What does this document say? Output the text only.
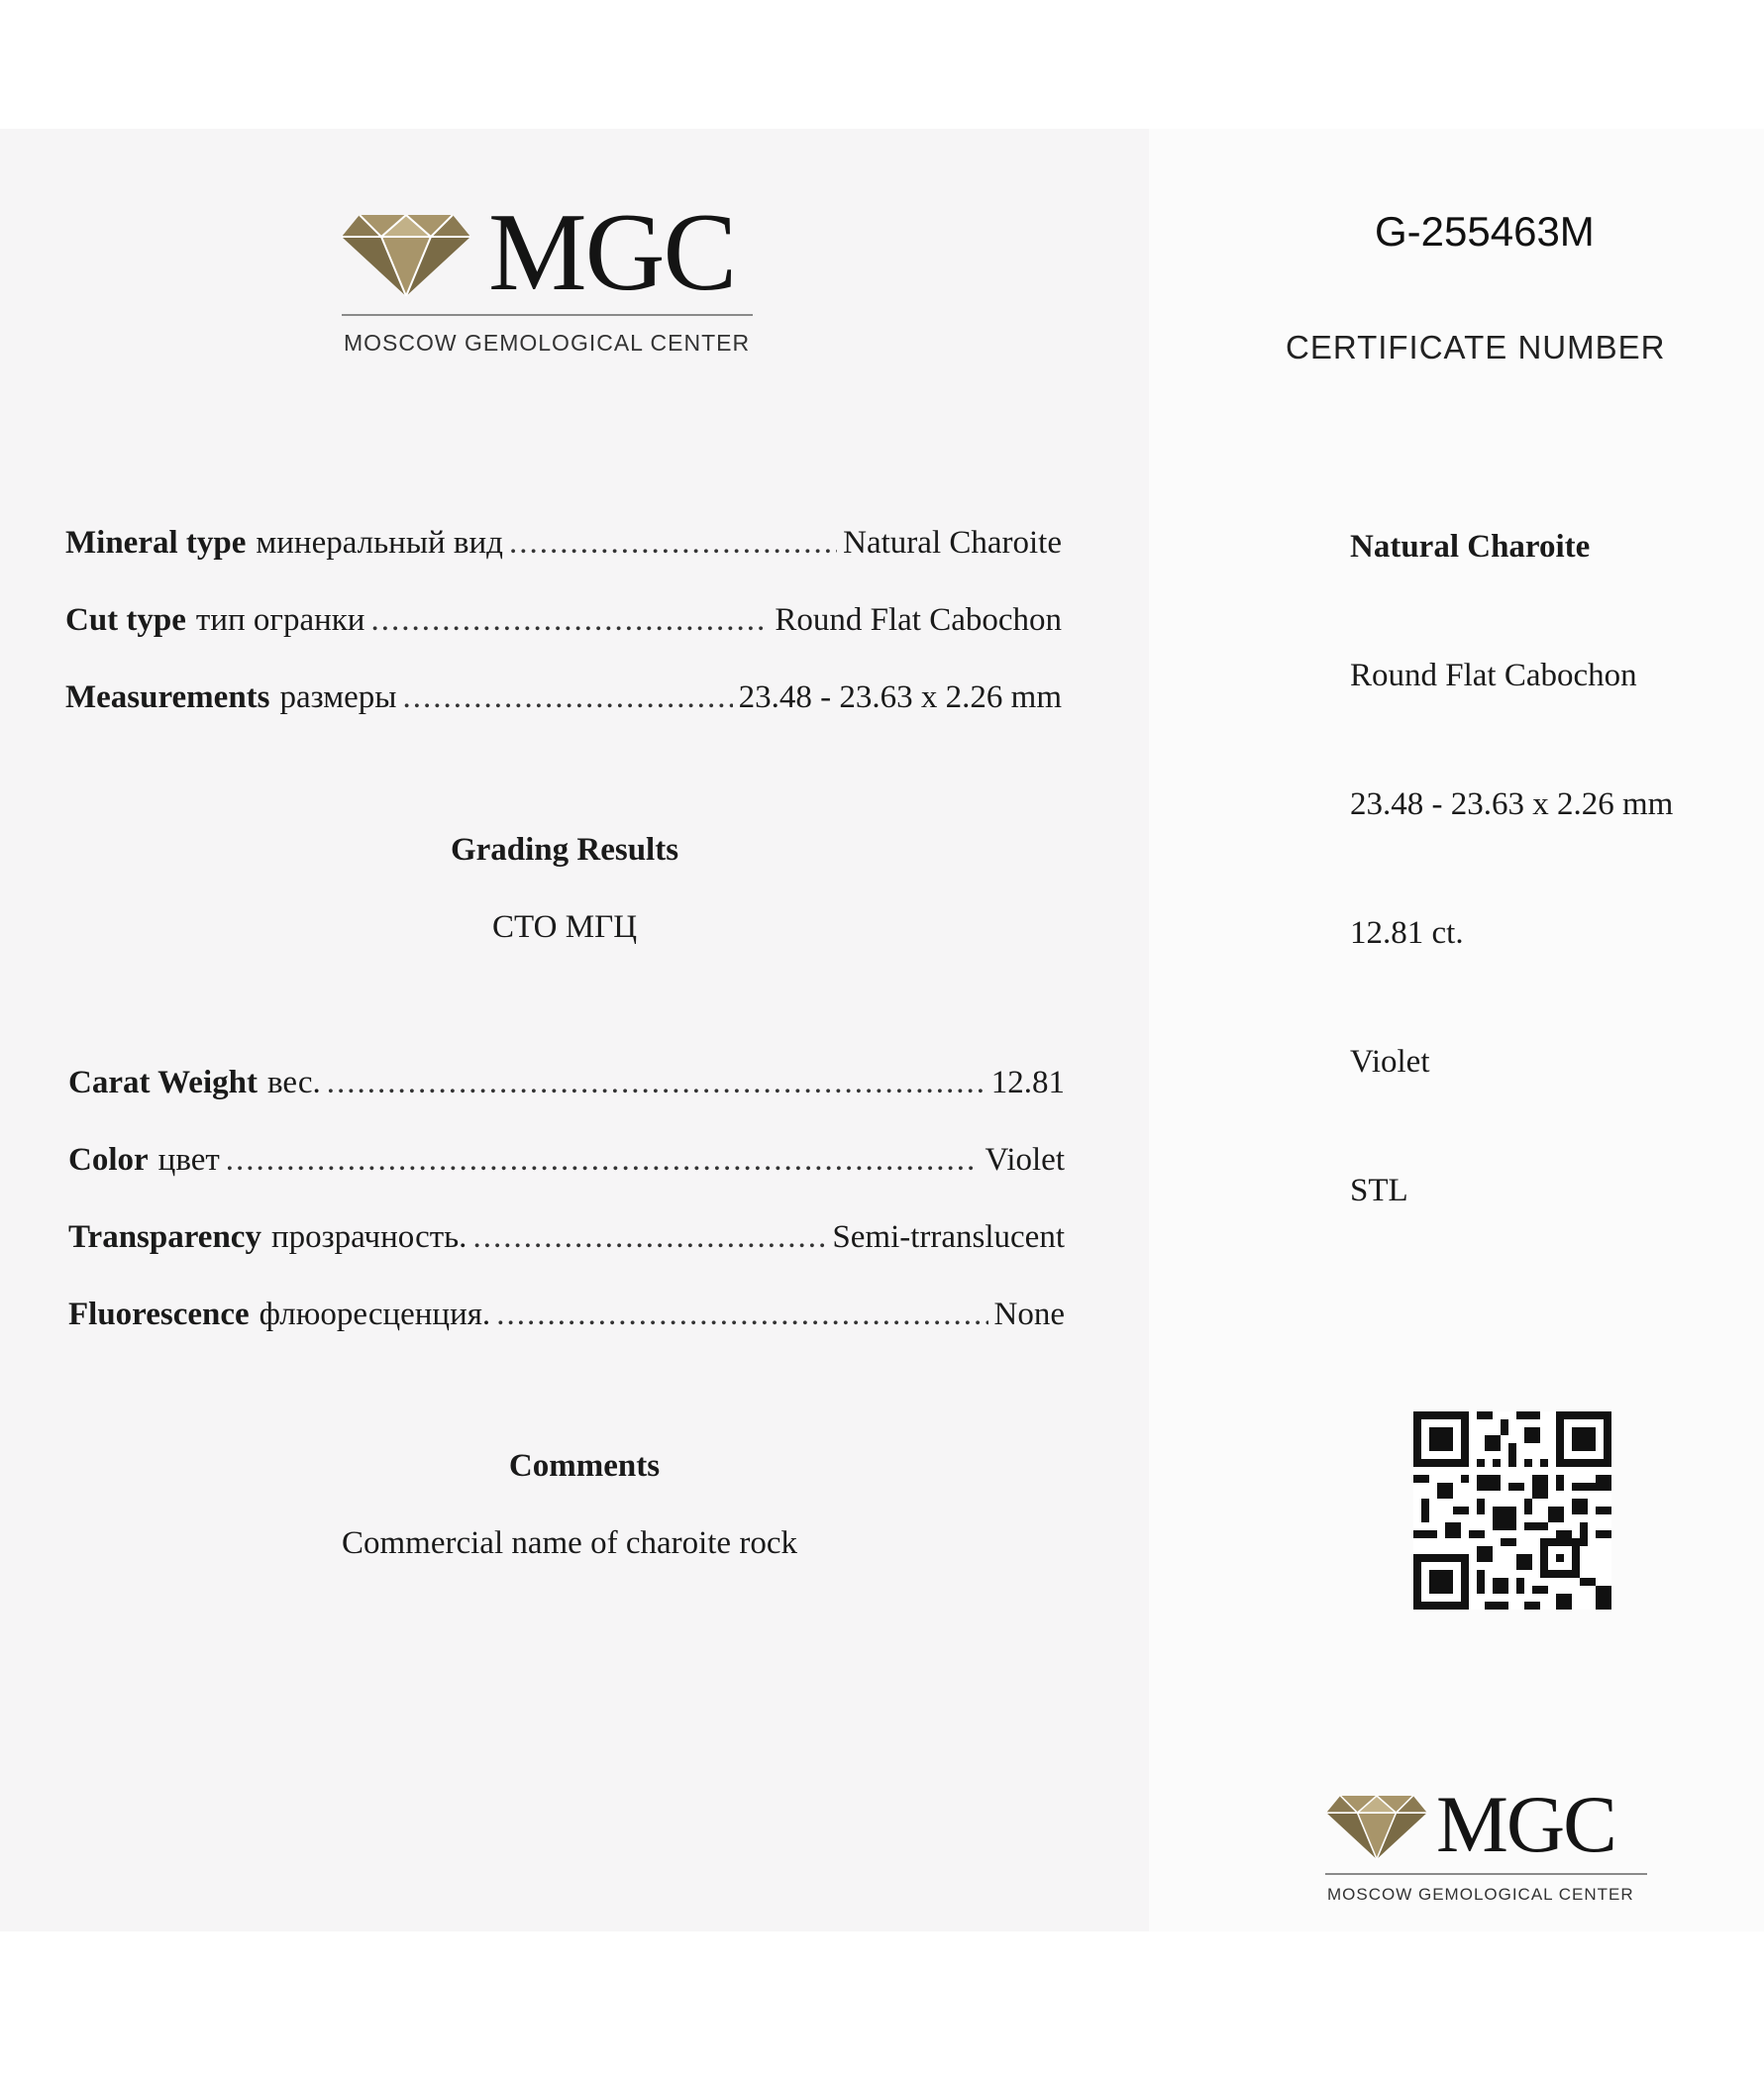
MGC
MOSCOW GEMOLOGICAL CENTER
G-255463M
CERTIFICATE NUMBER
Mineral type минеральный вид .....	Natural Charoite
Cut type тип огранки .....	Round Flat Cabochon
Measurements размеры .....	23.48 - 23.63 x 2.26 mm
Grading Results
СТО МГЦ
Carat Weight вес. .....	12.81
Color цвет .....	Violet
Transparency прозрачность. .....	Semi-trranslucent
Fluorescence флюоресценция. .....	None
Comments
Commercial name of charoite rock
Natural Charoite
Round Flat Cabochon
23.48 - 23.63 x 2.26 mm
12.81 ct.
Violet
STL
MGC
MOSCOW GEMOLOGICAL CENTER
